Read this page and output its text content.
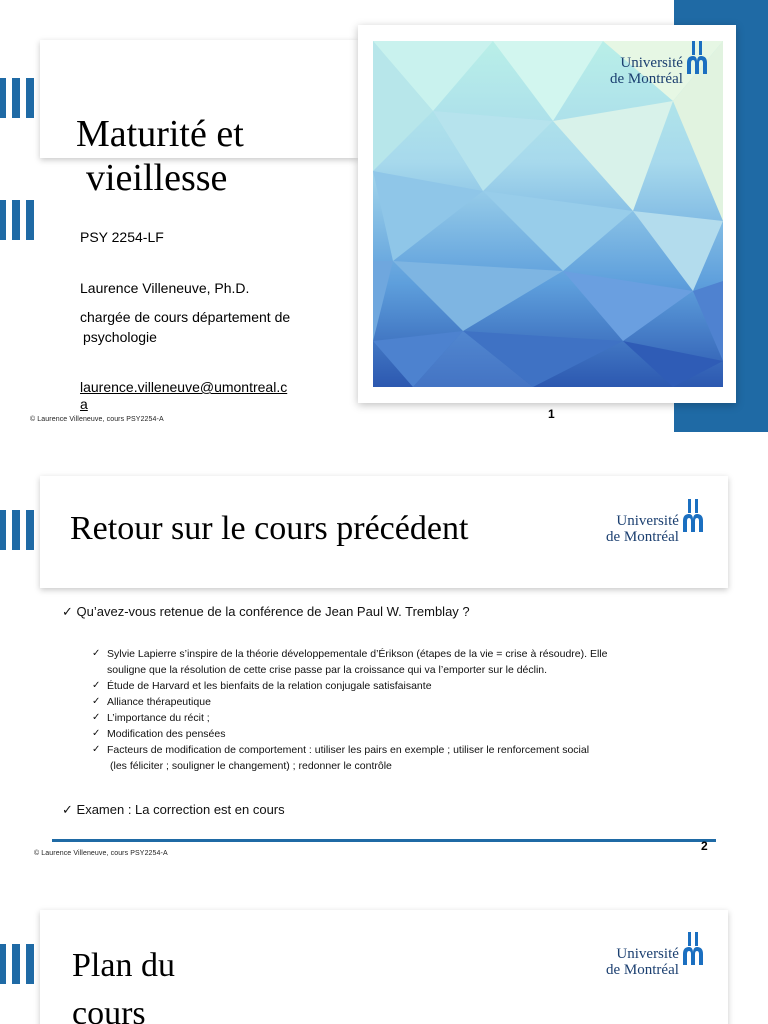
Maturité et
vieillesse
PSY 2254-LF
Laurence Villeneuve, Ph.D.
chargée de cours département de
psychologie
laurence.villeneuve@umontreal.c
a
© Laurence Villeneuve, cours PSY2254-A	1
Université
de Montréal
Retour sur le cours précédent	Université
de Montréal
✓ Qu’avez-vous retenue de la conférence de Jean Paul W. Tremblay ?
✓ Sylvie Lapierre s’inspire de la théorie développementale d’Érikson (étapes de la vie = crise à résoudre). Elle
souligne que la résolution de cette crise passe par la croissance qui va l’emporter sur le déclin.
✓ Étude de Harvard et les bienfaits de la relation conjugale satisfaisante
✓ Alliance thérapeutique
✓ L’importance du récit ;
✓ Modification des pensées
✓ Facteurs de modification de comportement : utiliser les pairs en exemple ; utiliser le renforcement social
(les féliciter ; souligner le changement) ; redonner le contrôle
✓ Examen : La correction est en cours
© Laurence Villeneuve, cours PSY2254-A
2
Plan du
cours
Université
de Montréal
